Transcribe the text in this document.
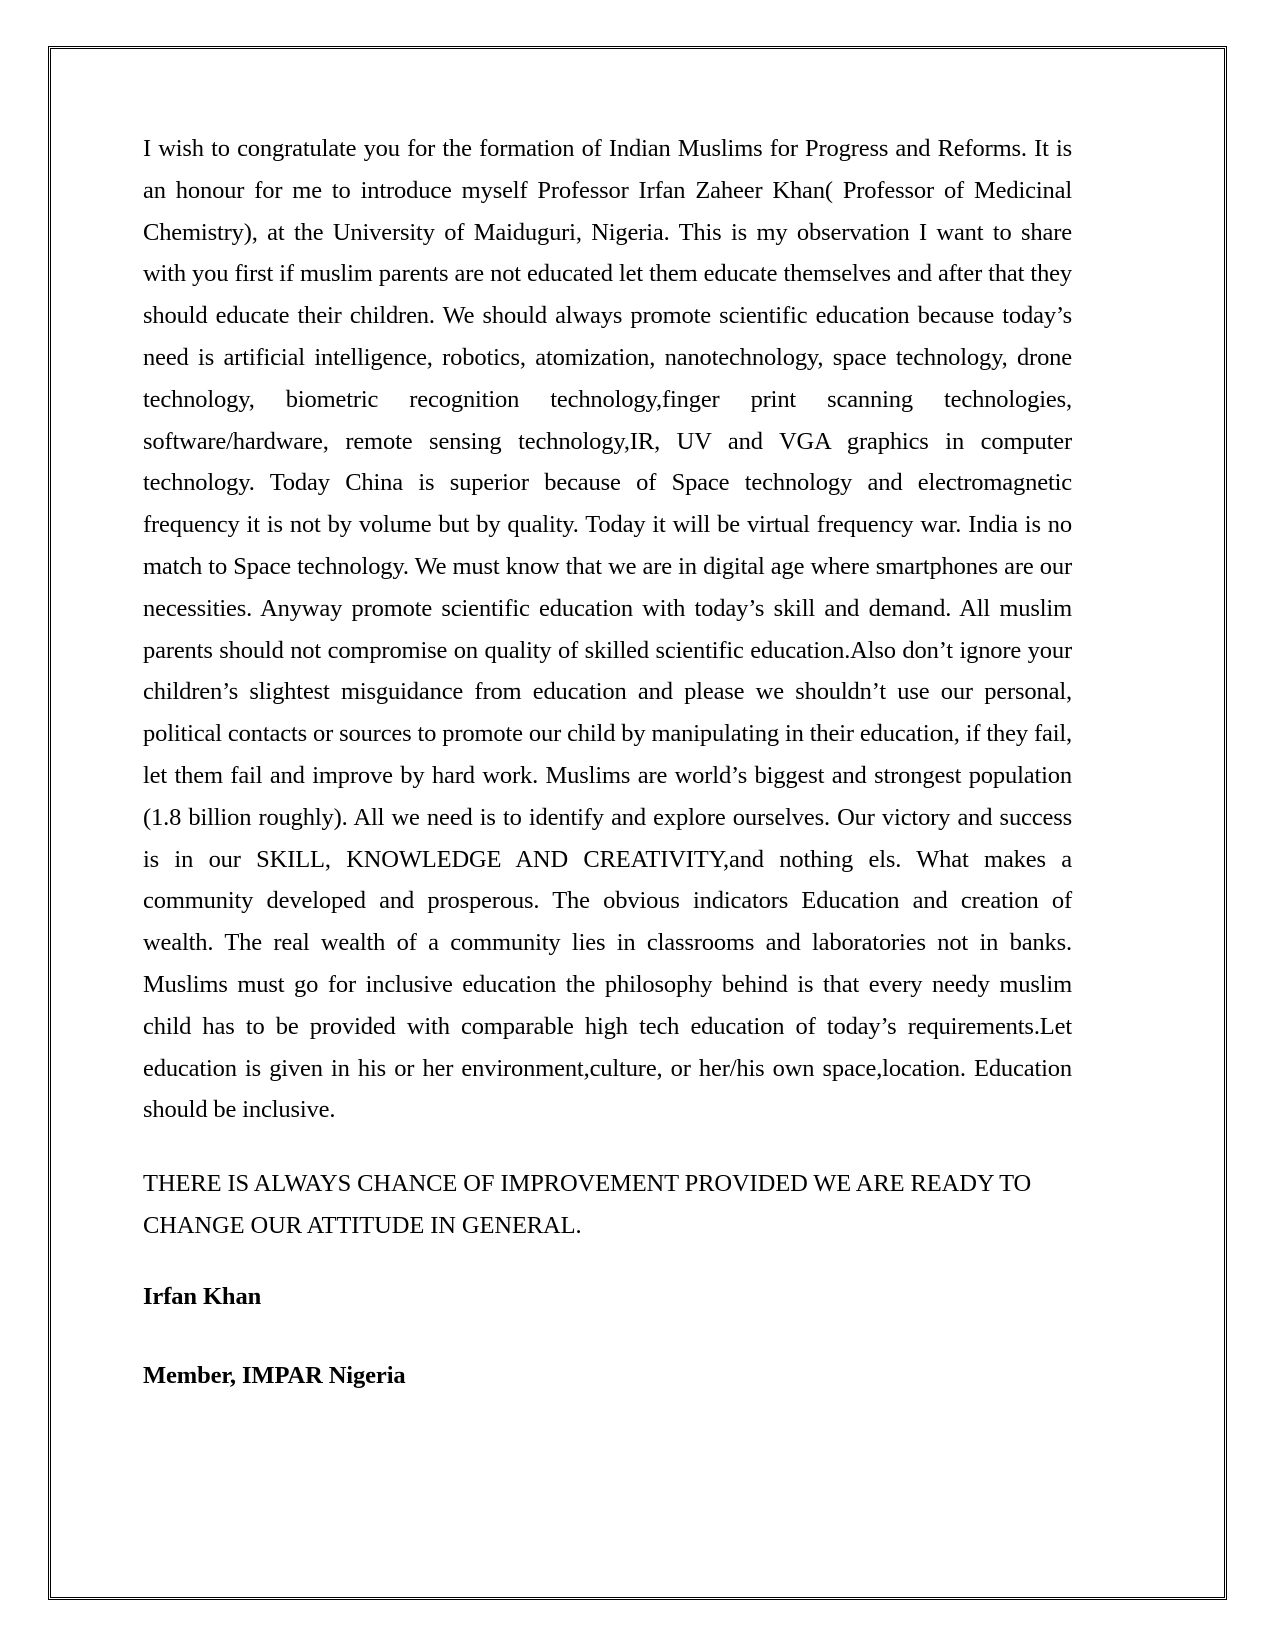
I wish to congratulate you for the formation of Indian Muslims for Progress and Reforms. It is an honour for me to introduce myself Professor Irfan Zaheer Khan( Professor of Medicinal Chemistry), at the University of Maiduguri, Nigeria. This is my observation I want to share with you first if muslim parents are not educated let them educate themselves and after that they should educate their children. We should always promote scientific education because today’s need is artificial intelligence, robotics, atomization, nanotechnology, space technology, drone technology, biometric recognition technology,finger print scanning technologies, software/hardware, remote sensing technology,IR, UV and VGA graphics in computer technology. Today China is superior because of Space technology and electromagnetic frequency it is not by volume but by quality. Today it will be virtual frequency war. India is no match to Space technology. We must know that we are in digital age where smartphones are our necessities. Anyway promote scientific education with today’s skill and demand. All muslim parents should not compromise on quality of skilled scientific education.Also don’t ignore your children’s slightest misguidance from education and please we shouldn’t use our personal, political contacts or sources to promote our child by manipulating in their education, if they fail, let them fail and improve by hard work. Muslims are world’s biggest and strongest population (1.8 billion roughly). All we need is to identify and explore ourselves. Our victory and success is in our SKILL, KNOWLEDGE AND CREATIVITY,and nothing els. What makes a community developed and prosperous. The obvious indicators Education and creation of wealth. The real wealth of a community lies in classrooms and laboratories not in banks. Muslims must go for inclusive education the philosophy behind is that every needy muslim child has to be provided with comparable high tech education of today’s requirements.Let education is given in his or her environment,culture, or her/his own space,location. Education should be inclusive.

THERE IS ALWAYS CHANCE OF IMPROVEMENT PROVIDED WE ARE READY TO CHANGE OUR ATTITUDE IN GENERAL.

Irfan Khan

Member, IMPAR Nigeria
